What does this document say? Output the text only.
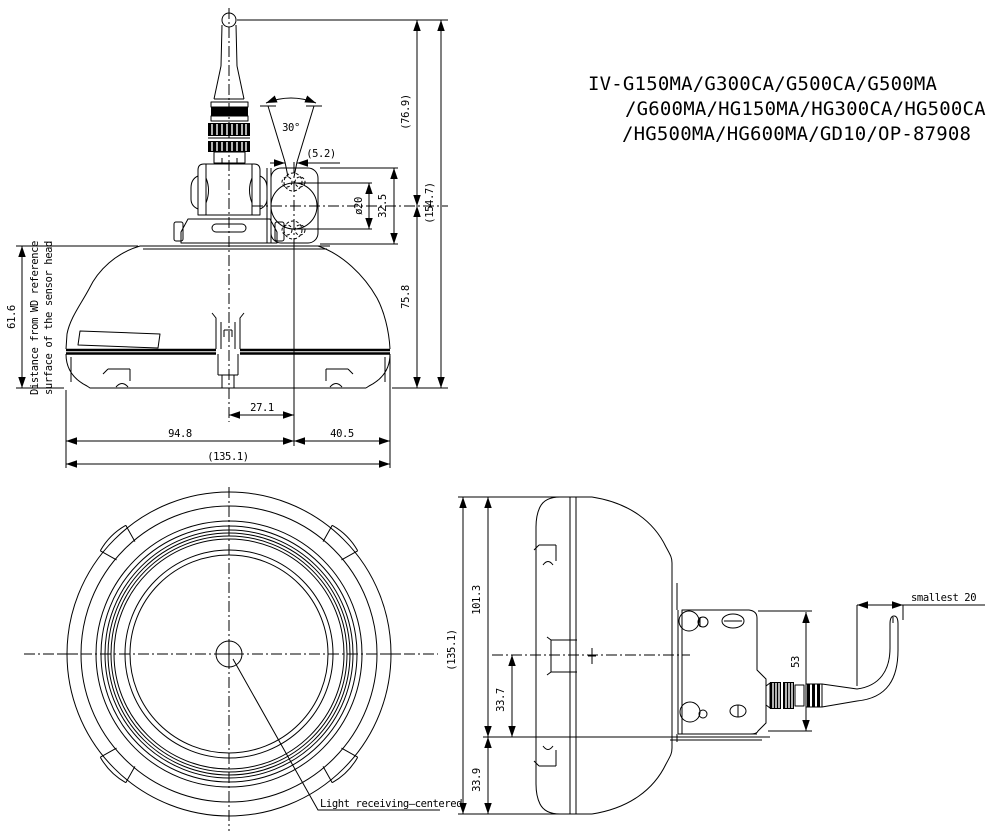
IV-G150MA/G300CA/G500CA/G500MA
/G600MA/HG150MA/HG300CA/HG500CA
/HG500MA/HG600MA/GD10/OP-87908
30°
(5.2)
ø20 32.5
(76.9)
(154.7)
75.8
61.6 Distance from WD reference surface of the sensor head
27.1
94.8	40.5
(135.1)
Light receiving–centered
(135.1)
101.3
33.9
33.7
53
smallest 20
